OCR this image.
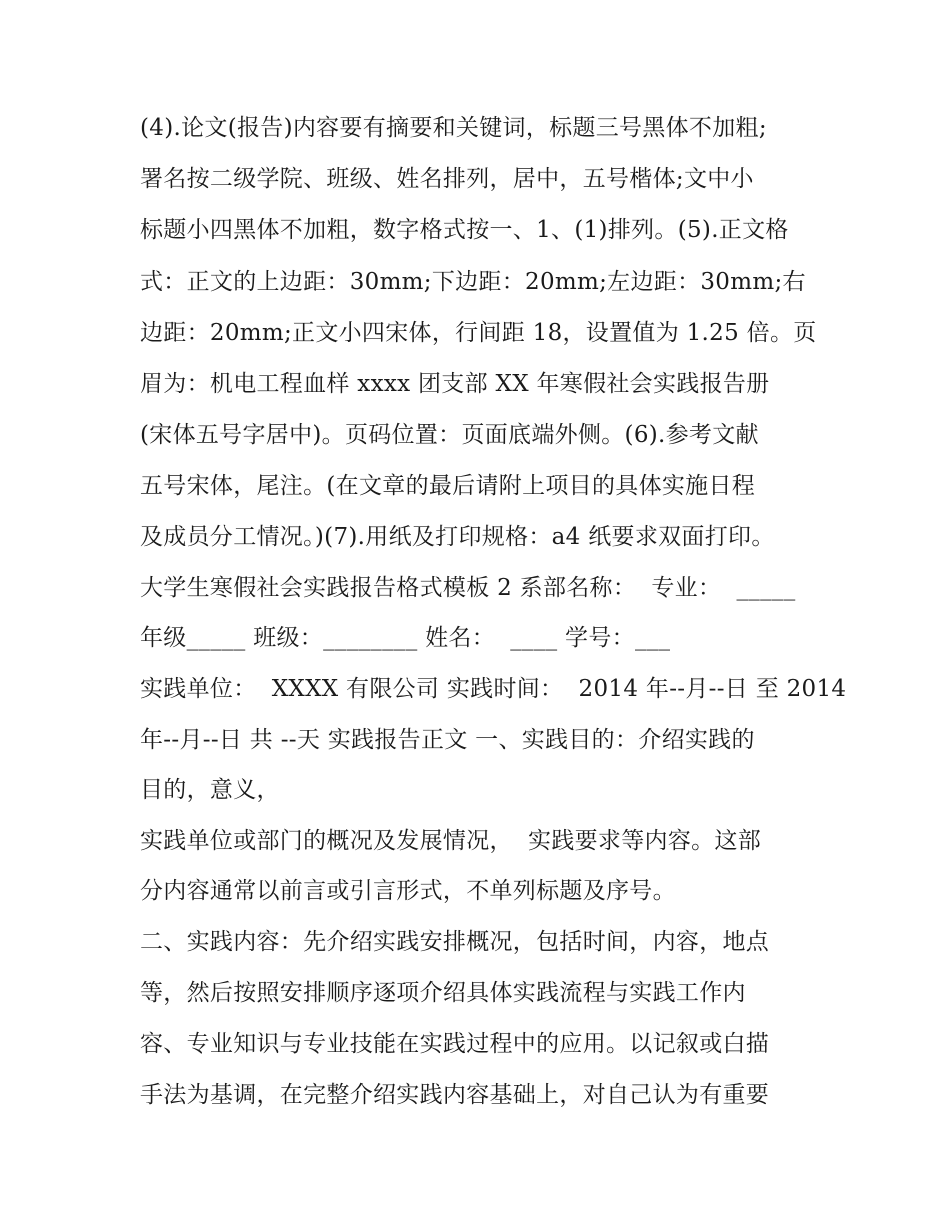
(4).论文(报告)内容要有摘要和关键词，标题三号黑体不加粗;
署名按二级学院、班级、姓名排列，居中，五号楷体;文中小
标题小四黑体不加粗，数字格式按一、1、(1)排列。(5).正文格
式：正文的上边距：30mm;下边距：20mm;左边距：30mm;右
边距：20mm;正文小四宋体，行间距 18，设置值为 1.25 倍。页
眉为：机电工程血样 xxxx 团支部 XX 年寒假社会实践报告册
(宋体五号字居中)。页码位置：页面底端外侧。(6).参考文献
五号宋体，尾注。(在文章的最后请附上项目的具体实施日程
及成员分工情况。)(7).用纸及打印规格：a4 纸要求双面打印。
大学生寒假社会实践报告格式模板 2 系部名称：  专业：  _____
年级_____ 班级：________ 姓名：  ____ 学号：___
实践单位：  XXXX 有限公司 实践时间：  2014 年--月--日 至 2014
年--月--日 共 --天 实践报告正文 一、实践目的：介绍实践的
目的，意义，
实践单位或部门的概况及发展情况，  实践要求等内容。这部
分内容通常以前言或引言形式，不单列标题及序号。
二、实践内容：先介绍实践安排概况，包括时间，内容，地点
等，然后按照安排顺序逐项介绍具体实践流程与实践工作内
容、专业知识与专业技能在实践过程中的应用。以记叙或白描
手法为基调，在完整介绍实践内容基础上，对自己认为有重要
